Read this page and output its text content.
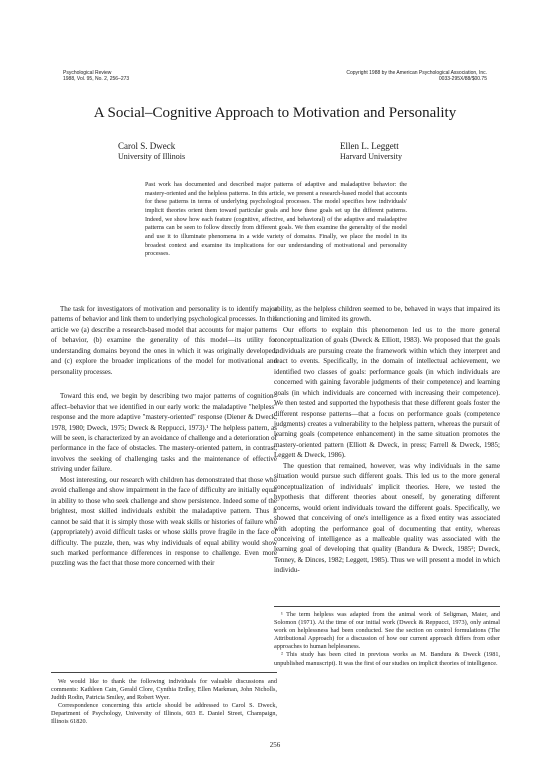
Psychological Review
1988, Vol. 95, No. 2, 256–273
Copyright 1988 by the American Psychological Association, Inc.
0033-295X/88/$00.75
A Social–Cognitive Approach to Motivation and Personality
Carol S. Dweck
University of Illinois
Ellen L. Leggett
Harvard University

Past work has documented and described major patterns of adaptive and maladaptive behavior: the mastery-oriented and the helpless patterns. In this article, we present a research-based model that accounts for these patterns in terms of underlying psychological processes. The model specifies how individuals' implicit theories orient them toward particular goals and how these goals set up the different patterns. Indeed, we show how each feature (cognitive, affective, and behavioral) of the adaptive and maladaptive patterns can be seen to follow directly from different goals. We then examine the generality of the model and use it to illuminate phenomena in a wide variety of domains. Finally, we place the model in its broadest context and examine its implications for our understanding of motivational and personality processes.

The task for investigators of motivation and personality is to identify major patterns of behavior and link them to underlying psychological processes. In this article we (a) describe a research-based model that accounts for major patterns of behavior, (b) examine the generality of this model—its utility for understanding domains beyond the ones in which it was originally developed, and (c) explore the broader implications of the model for motivational and personality processes.

Toward this end, we begin by describing two major patterns of cognition–affect–behavior that we identified in our early work: the maladaptive "helpless" response and the more adaptive "mastery-oriented" response (Diener & Dweck, 1978, 1980; Dweck, 1975; Dweck & Reppucci, 1973).¹ The helpless pattern, as will be seen, is characterized by an avoidance of challenge and a deterioration of performance in the face of obstacles. The mastery-oriented pattern, in contrast, involves the seeking of challenging tasks and the maintenance of effective striving under failure.

Most interesting, our research with children has demonstrated that those who avoid challenge and show impairment in the face of difficulty are initially equal in ability to those who seek challenge and show persistence. Indeed some of the brightest, most skilled individuals exhibit the maladaptive pattern. Thus it cannot be said that it is simply those with weak skills or histories of failure who (appropriately) avoid difficult tasks or whose skills prove fragile in the face of difficulty. The puzzle, then, was why individuals of equal ability would show such marked performance differences in response to challenge. Even more puzzling was the fact that those more concerned with their

ability, as the helpless children seemed to be, behaved in ways that impaired its functioning and limited its growth.

Our efforts to explain this phenomenon led us to the more general conceptualization of goals (Dweck & Elliott, 1983). We proposed that the goals individuals are pursuing create the framework within which they interpret and react to events. Specifically, in the domain of intellectual achievement, we identified two classes of goals: performance goals (in which individuals are concerned with gaining favorable judgments of their competence) and learning goals (in which individuals are concerned with increasing their competence). We then tested and supported the hypothesis that these different goals foster the different response patterns—that a focus on performance goals (competence judgments) creates a vulnerability to the helpless pattern, whereas the pursuit of learning goals (competence enhancement) in the same situation promotes the mastery-oriented pattern (Elliott & Dweck, in press; Farrell & Dweck, 1985; Leggett & Dweck, 1986).

The question that remained, however, was why individuals in the same situation would pursue such different goals. This led us to the more general conceptualization of individuals' implicit theories. Here, we tested the hypothesis that different theories about oneself, by generating different concerns, would orient individuals toward the different goals. Specifically, we showed that conceiving of one's intelligence as a fixed entity was associated with adopting the performance goal of documenting that entity, whereas conceiving of intelligence as a malleable quality was associated with the learning goal of developing that quality (Bandura & Dweck, 1985²; Dweck, Tenney, & Dinces, 1982; Leggett, 1985). Thus we will present a model in which individu-

¹ The term helpless was adapted from the animal work of Seligman, Maier, and Solomon (1971). At the time of our initial work (Dweck & Reppucci, 1973), only animal work on helplessness had been conducted. See the section on control formulations (The Attributional Approach) for a discussion of how our current approach differs from other approaches to human helplessness.

² This study has been cited in previous works as M. Bandura & Dweck (1981, unpublished manuscript). It was the first of our studies on implicit theories of intelligence.

We would like to thank the following individuals for valuable discussions and comments: Kathleen Cain, Gerald Clore, Cynthia Erdley, Ellen Markman, John Nicholls, Judith Rodin, Patricia Smiley, and Robert Wyer.

Correspondence concerning this article should be addressed to Carol S. Dweck, Department of Psychology, University of Illinois, 603 E. Daniel Street, Champaign, Illinois 61820.

256
